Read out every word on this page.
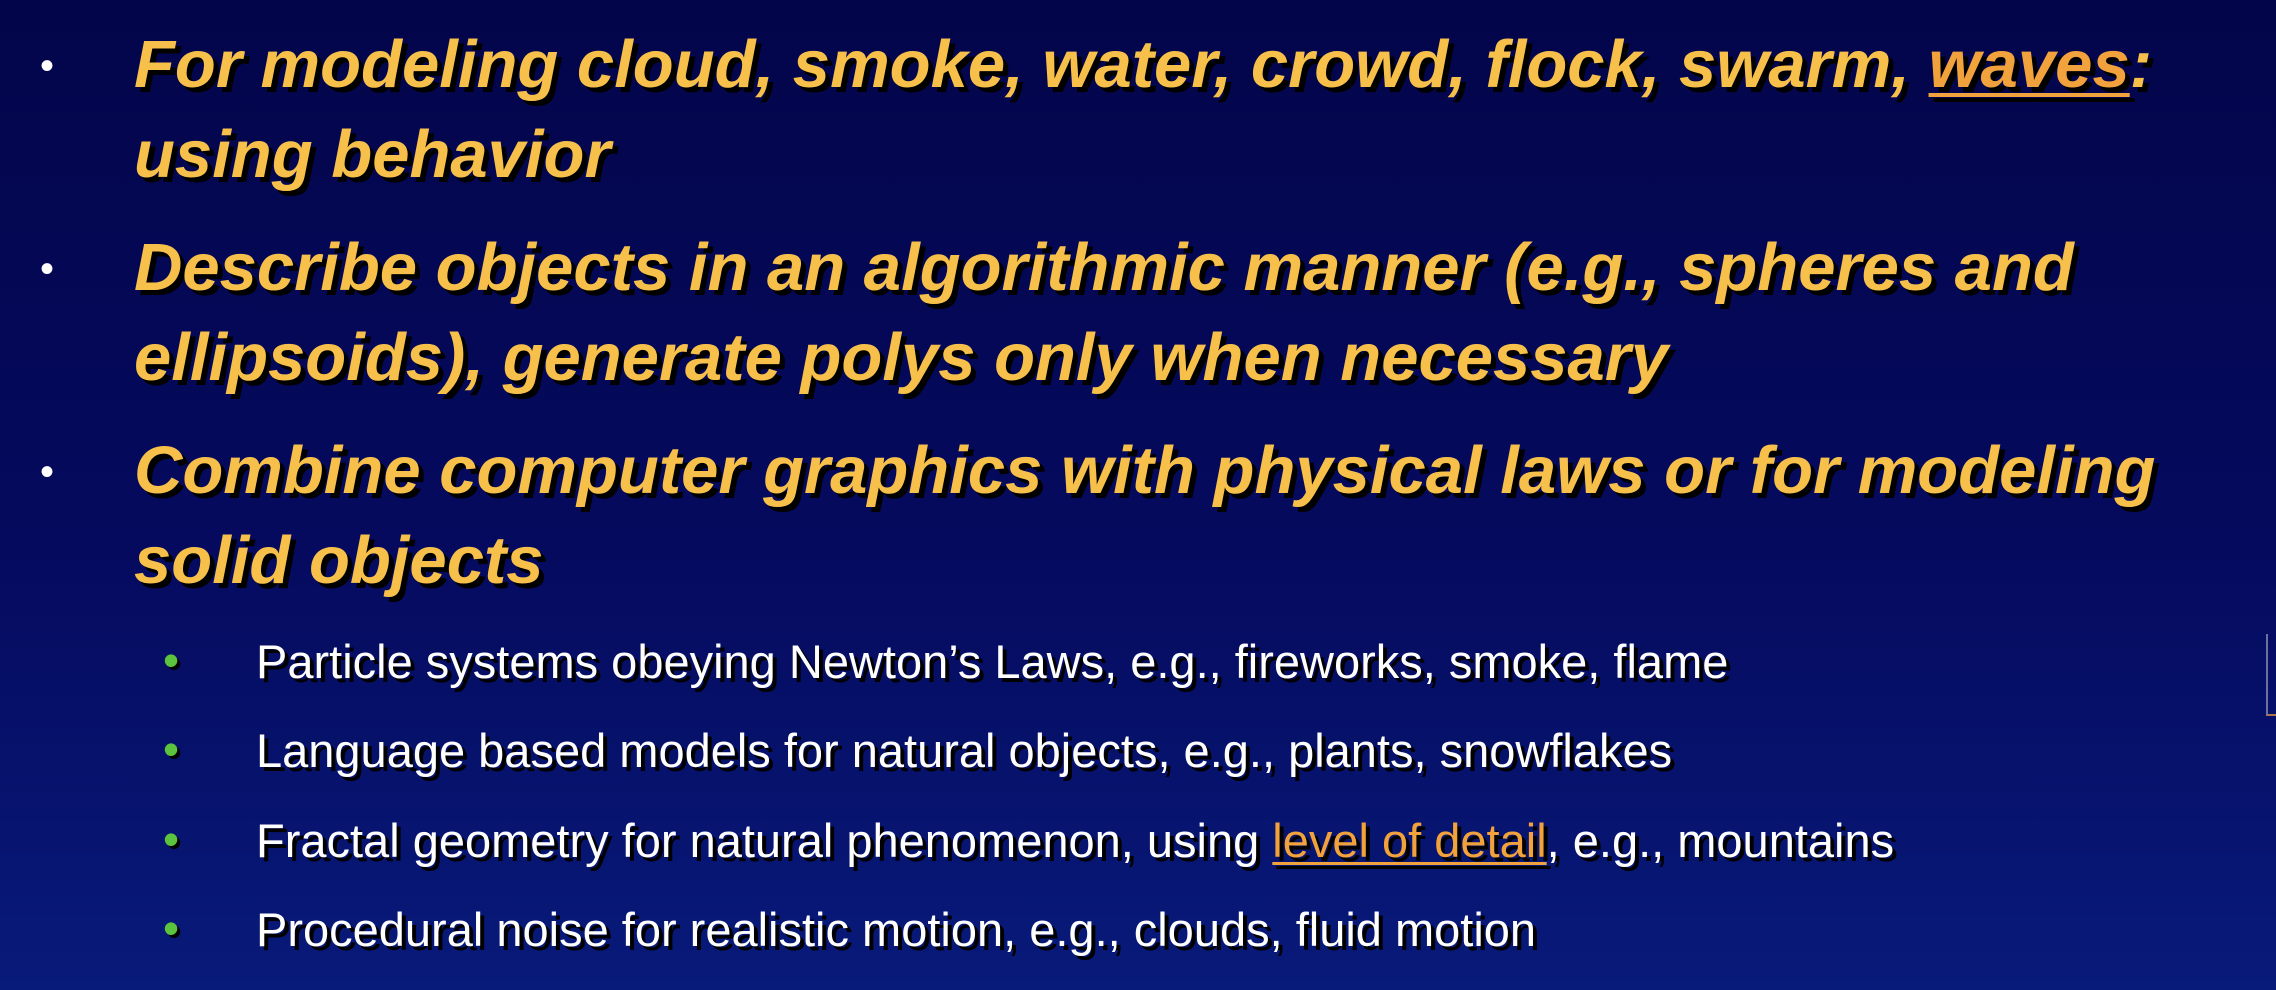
• For modeling cloud, smoke, water, crowd, flock, swarm, waves:
using behavior
• Describe objects in an algorithmic manner (e.g., spheres and
ellipsoids), generate polys only when necessary
• Combine computer graphics with physical laws or for modeling
solid objects
• Particle systems obeying Newton’s Laws, e.g., fireworks, smoke, flame
• Language based models for natural objects, e.g., plants, snowflakes
• Fractal geometry for natural phenomenon, using level of detail, e.g., mountains
• Procedural noise for realistic motion, e.g., clouds, fluid motion
